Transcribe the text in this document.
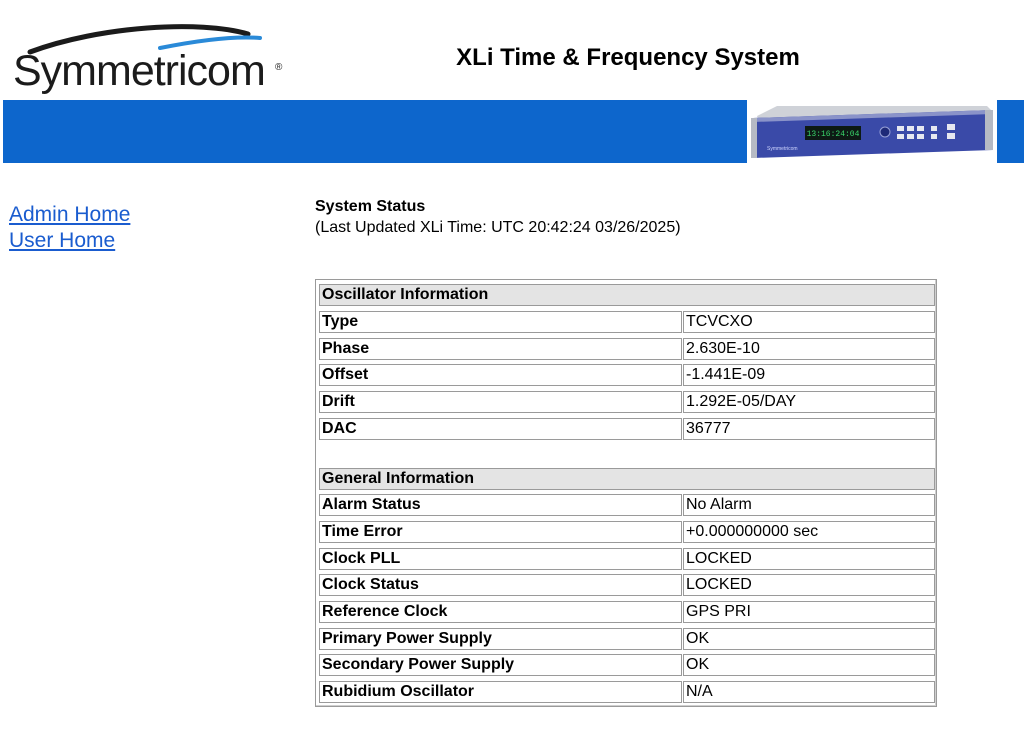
Symmetricom ®	XLi Time & Frequency System
13:16:24:04
Symmetricom
Admin Home
User Home
System Status
(Last Updated XLi Time: UTC 20:42:24 03/26/2025)
Oscillator Information
Type	TCVCXO
Phase	2.630E-10
Offset	-1.441E-09
Drift	1.292E-05/DAY
DAC	36777
General Information
Alarm Status	No Alarm
Time Error	+0.000000000 sec
Clock PLL	LOCKED
Clock Status	LOCKED
Reference Clock	GPS PRI
Primary Power Supply	OK
Secondary Power Supply	OK
Rubidium Oscillator	N/A
